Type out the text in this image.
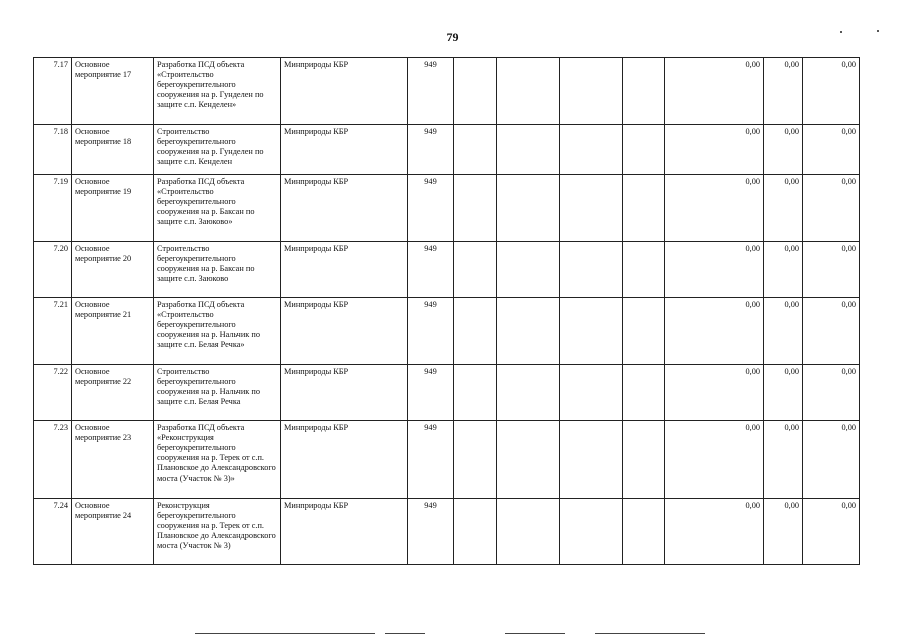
79
7.17	Основное мероприятие 17	Разработка ПСД объекта «Строительство берегоукрепительного сооружения на р. Гунделен по защите с.п. Кенделен»	Минприроды КБР	949					0,00	0,00	0,00
7.18	Основное мероприятие 18	Строительство берегоукрепительного сооружения на р. Гунделен по защите с.п. Кенделен	Минприроды КБР	949					0,00	0,00	0,00
7.19	Основное мероприятие 19	Разработка ПСД объекта «Строительство берегоукрепительного сооружения на р. Баксан по защите с.п. Заюково»	Минприроды КБР	949					0,00	0,00	0,00
7.20	Основное мероприятие 20	Строительство берегоукрепительного сооружения на р. Баксан по защите с.п. Заюково	Минприроды КБР	949					0,00	0,00	0,00
7.21	Основное мероприятие 21	Разработка ПСД объекта «Строительство берегоукрепительного сооружения на р. Нальчик по защите с.п. Белая Речка»	Минприроды КБР	949					0,00	0,00	0,00
7.22	Основное мероприятие 22	Строительство берегоукрепительного сооружения на р. Нальчик по защите с.п. Белая Речка	Минприроды КБР	949					0,00	0,00	0,00
7.23	Основное мероприятие 23	Разработка ПСД объекта «Реконструкция берегоукрепительного сооружения на р. Терек от с.п. Плановское до Александровского моста (Участок № 3)»	Минприроды КБР	949					0,00	0,00	0,00
7.24	Основное мероприятие 24	Реконструкция берегоукрепительного сооружения на р. Терек от с.п. Плановское до Александровского моста (Участок № 3)	Минприроды КБР	949					0,00	0,00	0,00
